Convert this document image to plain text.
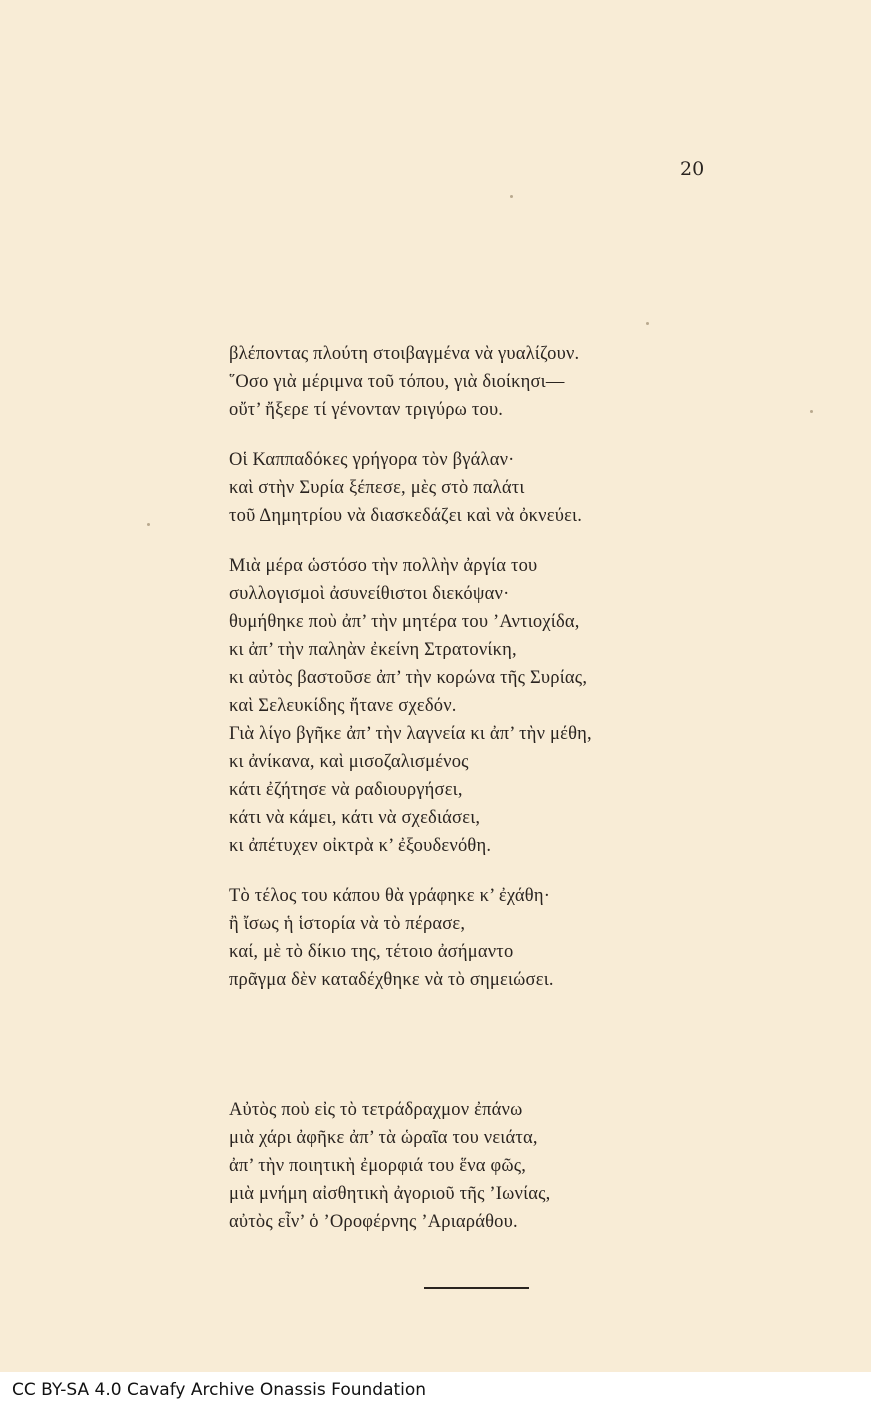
20
βλέποντας πλούτη στοιβαγμένα νὰ γυαλίζουν.
῞Οσο γιὰ μέριμνα τοῦ τόπου, γιὰ διοίκησι—
οὔτ’ ἤξερε τί γένονταν τριγύρω του.
Οἱ Καππαδόκες γρήγορα τὸν βγάλαν·
καὶ στὴν Συρία ξέπεσε, μὲς στὸ παλάτι
τοῦ Δημητρίου νὰ διασκεδάζει καὶ νὰ ὀκνεύει.
Μιὰ μέρα ὡστόσο τὴν πολλὴν ἀργία του
συλλογισμοὶ ἀσυνείθιστοι διεκόψαν·
θυμήθηκε ποὺ ἀπ’ τὴν μητέρα του ’Αντιοχίδα,
κι ἀπ’ τὴν παληὰν ἐκείνη Στρατονίκη,
κι αὐτὸς βαστοῦσε ἀπ’ τὴν κορώνα τῆς Συρίας,
καὶ Σελευκίδης ἤτανε σχεδόν.
Γιὰ λίγο βγῆκε ἀπ’ τὴν λαγνεία κι ἀπ’ τὴν μέθη,
κι ἀνίκανα, καὶ μισοζαλισμένος
κάτι ἐζήτησε νὰ ραδιουργήσει,
κάτι νὰ κάμει, κάτι νὰ σχεδιάσει,
κι ἀπέτυχεν οἰκτρὰ κ’ ἐξουδενόθη.
Τὸ τέλος του κάπου θὰ γράφηκε κ’ ἐχάθη·
ἢ ἴσως ἡ ἱστορία νὰ τὸ πέρασε,
καί, μὲ τὸ δίκιο της, τέτοιο ἀσήμαντο
πρᾶγμα δὲν καταδέχθηκε νὰ τὸ σημειώσει.
Αὐτὸς ποὺ εἰς τὸ τετράδραχμον ἐπάνω
μιὰ χάρι ἀφῆκε ἀπ’ τὰ ὡραῖα του νειάτα,
ἀπ’ τὴν ποιητικὴ ἐμορφιά του ἕνα φῶς,
μιὰ μνήμη αἰσθητικὴ ἀγοριοῦ τῆς ’Ιωνίας,
αὐτὸς εἶν’ ὁ ’Οροφέρνης ’Αριαράθου.
CC BY-SA 4.0 Cavafy Archive Onassis Foundation
